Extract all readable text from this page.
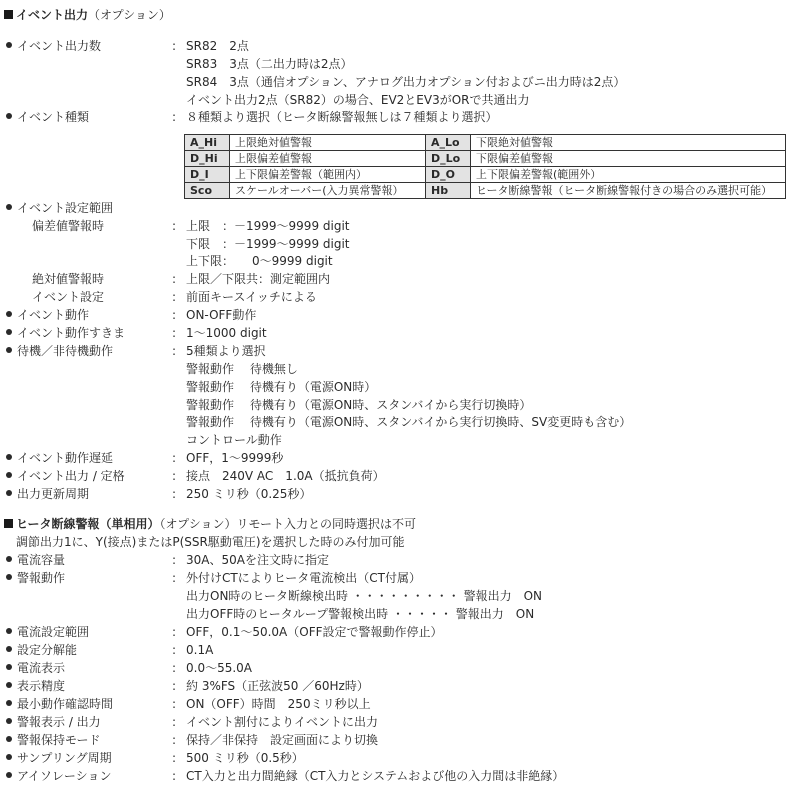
イベント出力（オプション）
イベント出力数	: SR82　2点
SR83　3点（二出力時は2点）
SR84　3点（通信オプション、アナログ出力オプション付およびニ出力時は2点）
イベント出力2点（SR82）の場合、EV2とEV3がORで共通出力
イベント種類	: ８種類より選択（ヒータ断線警報無しは７種類より選択）
A_Hi	上限絶対値警報	A_Lo	下限絶対値警報
D_Hi	上限偏差値警報	D_Lo	下限偏差値警報
D_I	上下限偏差警報（範囲内）	D_O	上下限偏差警報(範囲外）
Sco	スケールオーバー(入力異常警報）	Hb	ヒータ断線警報（ヒータ断線警報付きの場合のみ選択可能）
イベント設定範囲
偏差値警報時	: 上限　：－1999～9999 digit
下限　：－1999～9999 digit
上下限：　　0～9999 digit
絶対値警報時	: 上限／下限共：測定範囲内
イベント設定	: 前面キースイッチによる
イベント動作	: ON-OFF動作
イベント動作すきま	: 1～1000 digit
待機／非待機動作	: 5種類より選択
警報動作　 待機無し
警報動作　 待機有り（電源ON時）
警報動作　 待機有り（電源ON時、スタンバイから実行切換時）
警報動作　 待機有り（電源ON時、スタンバイから実行切換時、SV変更時も含む）
コントロール動作
イベント動作遅延	: OFF，1～9999秒
イベント出力 / 定格	: 接点　240V AC　1.0A（抵抗負荷）
出力更新周期	: 250 ミリ秒（0.25秒）
ヒータ断線警報（単相用）（オプション）リモート入力との同時選択は不可
調節出力1に、Y(接点)またはP(SSR駆動電圧)を選択した時のみ付加可能
電流容量	: 30A、50Aを注文時に指定
警報動作	: 外付けCTによりヒータ電流検出（CT付属）
出力ON時のヒータ断線検出時 ・・・・・・・・・ 警報出力　ON
出力OFF時のヒータループ警報検出時 ・・・・・ 警報出力　ON
電流設定範囲	: OFF，0.1～50.0A（OFF設定で警報動作停止）
設定分解能	: 0.1A
電流表示	: 0.0～55.0A
表示精度	: 約 3%FS（正弦波50 ／60Hz時）
最小動作確認時間	: ON（OFF）時間　250ミリ秒以上
警報表示 / 出力	: イベント割付によりイベントに出力
警報保持モード	: 保持／非保持　設定画面により切換
サンプリング周期	: 500 ミリ秒（0.5秒）
アイソレーション	: CT入力と出力間絶縁（CT入力とシステムおよび他の入力間は非絶縁）
